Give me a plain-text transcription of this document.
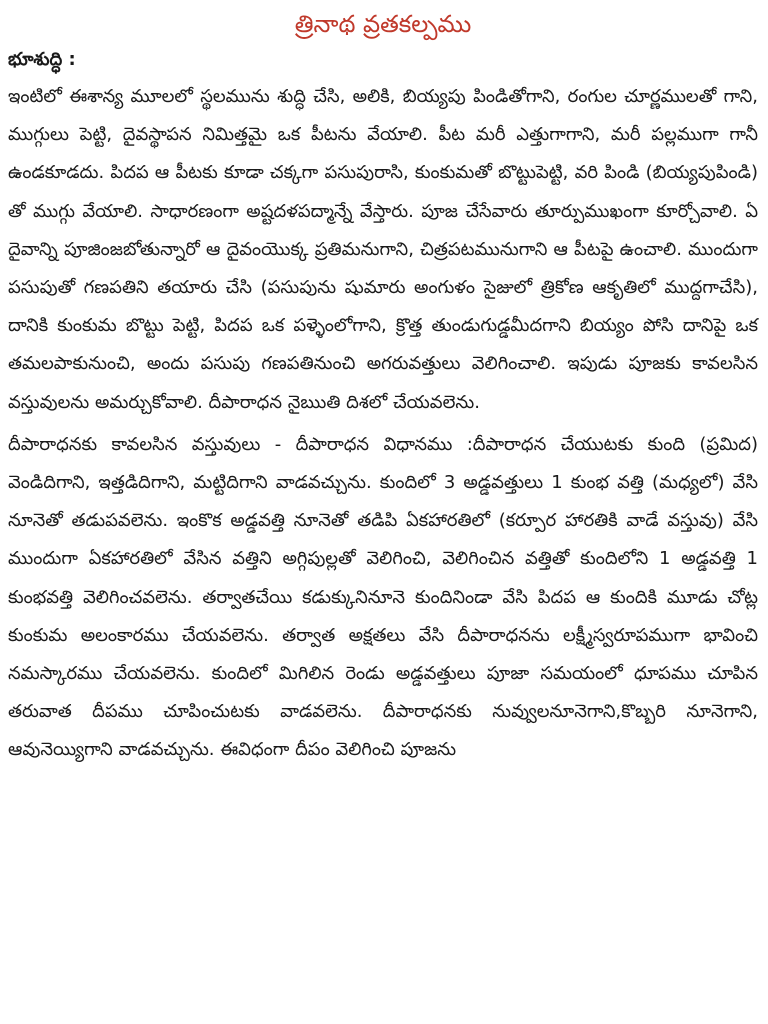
త్రినాథ వ్రతకల్పము
భూశుద్ధి :

ఇంటిలో ఈశాన్య మూలలో స్థలమును శుద్ధి చేసి, అలికి, బియ్యపు పిండితోగాని, రంగుల చూర్ణములతో గాని, ముగ్గులు పెట్టి, దైవస్థాపన నిమిత్తమై ఒక పీటను వేయాలి. పీట మరీ ఎత్తుగాగాని, మరీ పల్లముగా గానీ ఉండకూడదు. పిదప ఆ పీటకు కూడా చక్కగా పసుపురాసి, కుంకుమతో బొట్టుపెట్టి, వరి పిండి (బియ్యపుపిండి) తో ముగ్గు వేయాలి. సాధారణంగా అష్టదళపద్మాన్నే వేస్తారు. పూజ చేసేవారు తూర్పుముఖంగా కూర్చోవాలి. ఏ దైవాన్ని పూజింజబోతున్నారో ఆ దైవంయొక్క ప్రతిమనుగాని, చిత్రపటమునుగాని ఆ పీటపై ఉంచాలి. ముందుగా పసుపుతో గణపతిని తయారు చేసి (పసుపును షుమారు అంగుళం సైజులో త్రికోణ ఆకృతిలో ముద్దగాచేసి), దానికి కుంకుమ బొట్టు పెట్టి, పిదప ఒక పళ్ళెంలోగాని, క్రొత్త తుండుగుడ్డమీదగాని బియ్యం పోసి దానిపై ఒక తమలపాకునుంచి, అందు పసుపు గణపతినుంచి అగరువత్తులు వెలిగించాలి. ఇపుడు పూజకు కావలసిన వస్తువులను అమర్చుకోవాలి. దీపారాధన నైఋతి దిశలో చేయవలెను.

దీపారాధనకు కావలసిన వస్తువులు - దీపారాధన విధానము :దీపారాధన చేయుటకు కుంది (ప్రమిద) వెండిదిగాని, ఇత్తడిదిగాని, మట్టిదిగాని వాడవచ్చును. కుందిలో 3 అడ్డవత్తులు 1 కుంభ వత్తి (మధ్యలో) వేసి నూనెతో తడుపవలెను. ఇంకొక అడ్డవత్తి నూనెతో తడిపి ఏకహారతిలో (కర్పూర హారతికి వాడే వస్తువు) వేసి ముందుగా ఏకహారతిలో వేసిన వత్తిని అగ్గిపుల్లతో వెలిగించి, వెలిగించిన వత్తితో కుందిలోని 1 అడ్డవత్తి 1 కుంభవత్తి వెలిగించవలెను. తర్వాతచేయి కడుక్కునినూనె కుందినిండా వేసి పిదప ఆ కుందికి మూడు చోట్ల కుంకుమ అలంకారము చేయవలెను. తర్వాత అక్షతలు వేసి దీపారాధనను లక్ష్మీస్వరూపముగా భావించి నమస్కారము చేయవలెను. కుందిలో మిగిలిన రెండు అడ్డవత్తులు పూజా సమయంలో ధూపము చూపిన తరువాత దీపము చూపించుటకు వాడవలెను. దీపారాధనకు నువ్వులనూనెగాని,కొబ్బరి నూనెగాని, ఆవునెయ్యిగాని వాడవచ్చును. ఈవిధంగా దీపం వెలిగించి పూజను
